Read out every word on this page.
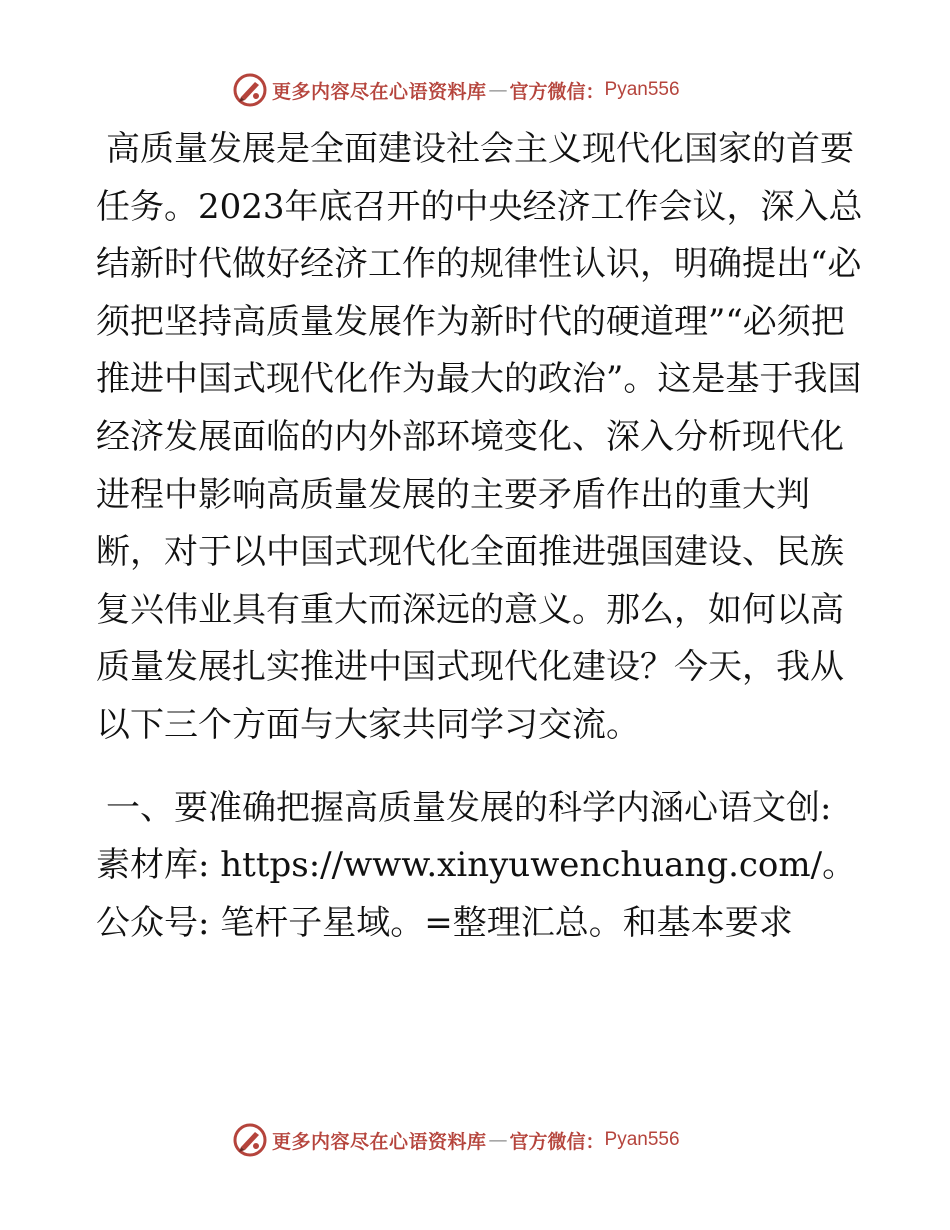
更多内容尽在心语资料库 — 官方微信： Pyan556

高质量发展是全面建设社会主义现代化国家的首要任务。2023年底召开的中央经济工作会议，深入总结新时代做好经济工作的规律性认识，明确提出“必须把坚持高质量发展作为新时代的硬道理”“必须把推进中国式现代化作为最大的政治”。这是基于我国经济发展面临的内外部环境变化、深入分析现代化进程中影响高质量发展的主要矛盾作出的重大判断，对于以中国式现代化全面推进强国建设、民族复兴伟业具有重大而深远的意义。那么，如何以高质量发展扎实推进中国式现代化建设？今天，我从以下三个方面与大家共同学习交流。

一、要准确把握高质量发展的科学内涵心语文创: 素材库: https://www.xinyuwenchuang.com/。公众号: 笔杆子星域。=整理汇总。和基本要求

更多内容尽在心语资料库 — 官方微信： Pyan556
